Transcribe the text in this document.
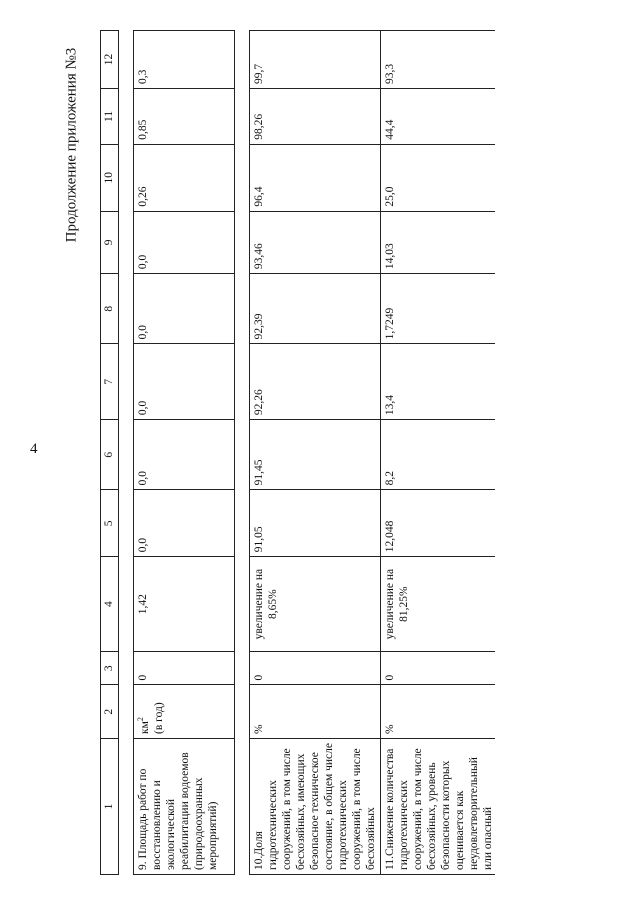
4
Продолжение приложения №3
1	2	3	4	5	6	7	8	9	10	11	12

9. Площадь работ по восстановлению и экологической реабилитации водоемов (природоохранных мероприятий)	$км^2$ (в год)	0	1,42	0,0	0,0	0,0	0,0	0,0	0,26	0,85	0,3

10.Доля гидротехнических сооружений, в том числе бесхозяйных, имеющих безопасное техническое состояние, в общем числе гидротехнических сооружений, в том числе бесхозяйных	%	0	увеличение на 8,65%	91,05	91,45	92,26	92,39	93,46	96,4	98,26	99,7
11.Снижение количества гидротехнических сооружений, в том числе бесхозяйных, уровень безопасности которых оценивается как неудовлетворительный или опасный	%	0	увеличение на 81,25%	12,048	8,2	13,4	1,7249	14,03	25,0	44,4	93,3
